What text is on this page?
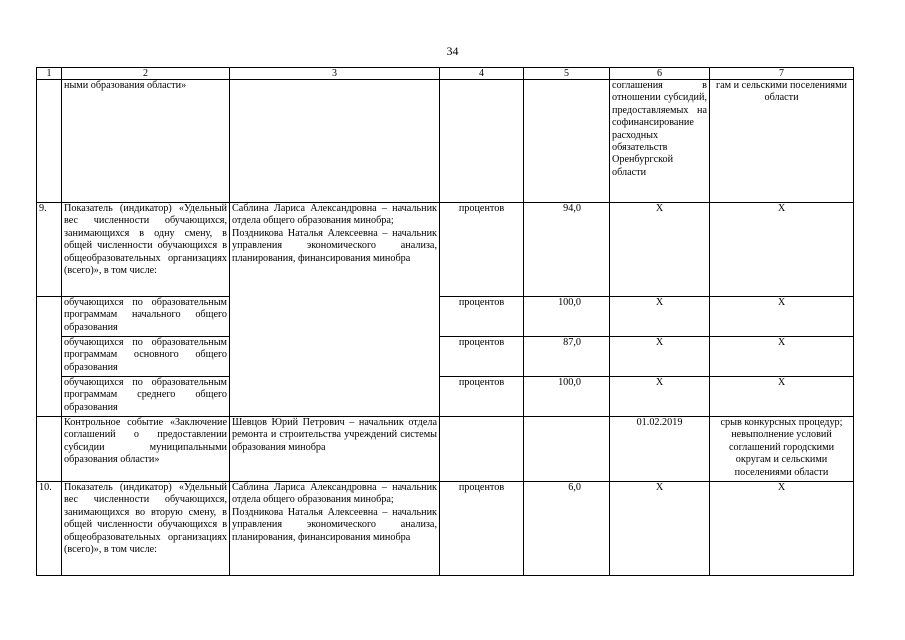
34
1	2	3	4	5	6	7
	ными образования области»				соглашения в отношении субсидий, предоставляемых на софинансирование расходных обязательств Оренбургской области	гам и сельскими поселениями области
9.	Показатель (индикатор) «Удельный вес численности обучающихся, занимающихся в одну смену, в общей численности обучающихся в общеобразовательных организациях (всего)», в том числе:	Саблина Лариса Александровна – начальник отдела общего образования минобра;
Поздникова Наталья Алексеевна – начальник управления экономического анализа, планирования, финансирования минобра	процентов	94,0	Х	Х
	обучающихся по образовательным программам начального общего образования		процентов	100,0	Х	Х
	обучающихся по образовательным программам основного общего образования		процентов	87,0	Х	Х
	обучающихся по образовательным программам среднего общего образования		процентов	100,0	Х	Х
	Контрольное событие «Заключение соглашений о предоставлении субсидии муниципальными образования области»	Шевцов Юрий Петрович – начальник отдела ремонта и строительства учреждений системы образования минобра			01.02.2019	срыв конкурсных процедур; невыполнение условий соглашений городскими округам и сельскими поселениями области
10.	Показатель (индикатор) «Удельный вес численности обучающихся, занимающихся во вторую смену, в общей численности обучающихся в общеобразовательных организациях (всего)», в том числе:	Саблина Лариса Александровна – начальник отдела общего образования минобра;
Поздникова Наталья Алексеевна – начальник управления экономического анализа, планирования, финансирования минобра	процентов	6,0	Х	Х
